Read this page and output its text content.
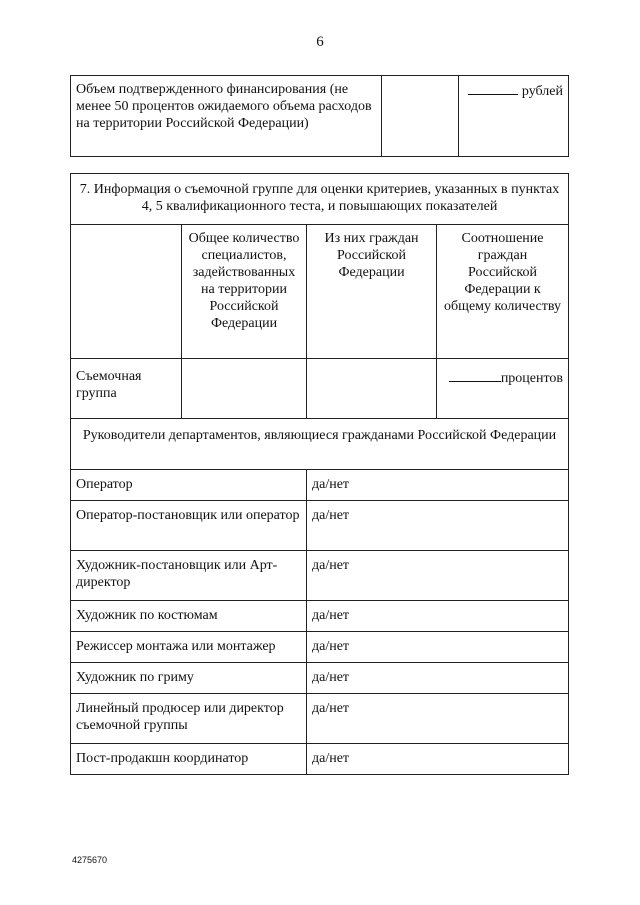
6
Объем подтвержденного финансирования (не менее 50 процентов ожидаемого объема расходов на территории Российской Федерации)		рублей
7. Информация о съемочной группе для оценки критериев, указанных в пунктах 4, 5 квалификационного теста, и повышающих показателей			
	Общее количество специалистов, задействованных на территории Российской Федерации	Из них граждан Российской Федерации	Соотношение граждан Российской Федерации к общему количеству
Съемочная группа			процентов
Руководители департаментов, являющиеся гражданами Российской Федерации			
Оператор		да/нет	
Оператор-постановщик или оператор		да/нет	
Художник-постановщик или Арт-директор		да/нет	
Художник по костюмам		да/нет	
Режиссер монтажа или монтажер		да/нет	
Художник по гриму		да/нет	
Линейный продюсер или директор съемочной группы		да/нет	
Пост-продакшн координатор		да/нет	
4275670
